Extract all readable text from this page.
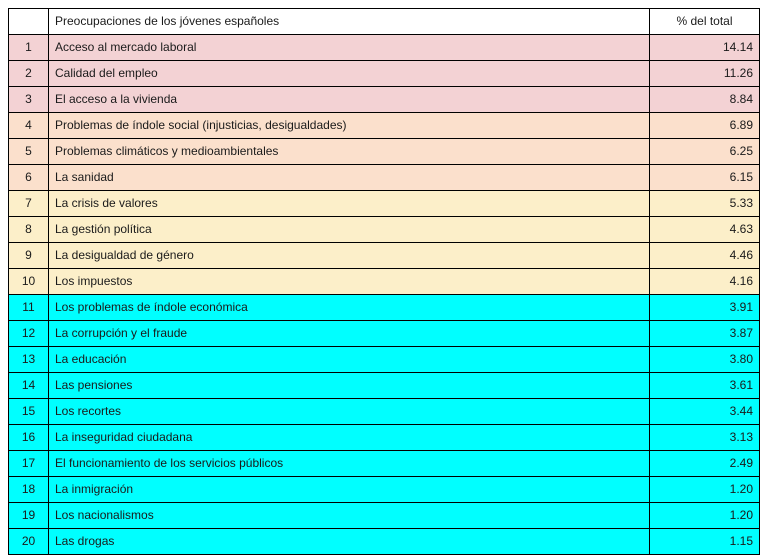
	Preocupaciones de los jóvenes españoles	% del total
1	Acceso al mercado laboral	14.14
2	Calidad del empleo	11.26
3	El acceso a la vivienda	8.84
4	Problemas de índole social (injusticias, desigualdades)	6.89
5	Problemas climáticos y medioambientales	6.25
6	La sanidad	6.15
7	La crisis de valores	5.33
8	La gestión política	4.63
9	La desigualdad de género	4.46
10	Los impuestos	4.16
11	Los problemas de índole económica	3.91
12	La corrupción y el fraude	3.87
13	La educación	3.80
14	Las pensiones	3.61
15	Los recortes	3.44
16	La inseguridad ciudadana	3.13
17	El funcionamiento de los servicios públicos	2.49
18	La inmigración	1.20
19	Los nacionalismos	1.20
20	Las drogas	1.15
